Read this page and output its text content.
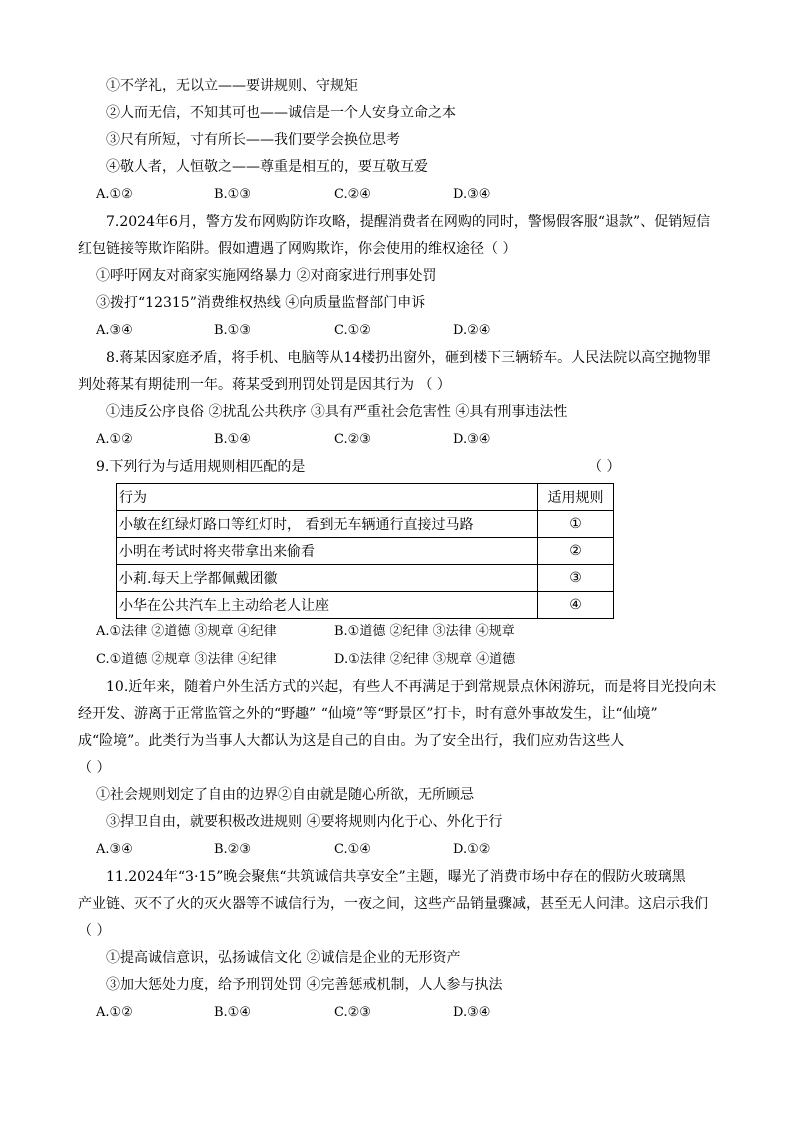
①不学礼，无以立——要讲规则、守规矩
②人而无信，不知其可也——诚信是一个人安身立命之本
③尺有所短，寸有所长——我们要学会换位思考
④敬人者，人恒敬之——尊重是相互的，要互敬互爱
A.①②	B.①③	C.②④	D.③④
7.2024年6月，警方发布网购防诈攻略，提醒消费者在网购的同时，警惕假客服“退款”、促销短信
红包链接等欺诈陷阱。假如遭遇了网购欺诈，你会使用的维权途径（ ）
①呼吁网友对商家实施网络暴力 ②对商家进行刑事处罚
③拨打“12315”消费维权热线 ④向质量监督部门申诉
A.③④	B.①③	C.①②	D.②④
8.蒋某因家庭矛盾，将手机、电脑等从14楼扔出窗外，砸到楼下三辆轿车。人民法院以高空抛物罪
判处蒋某有期徒刑一年。蒋某受到刑罚处罚是因其行为 （ ）
①违反公序良俗 ②扰乱公共秩序 ③具有严重社会危害性 ④具有刑事违法性
A.①②	B.①④	C.②③	D.③④
9.下列行为与适用规则相匹配的是	（ ）
行为	适用规则
小敏在红绿灯路口等红灯时， 看到无车辆通行直接过马路	①
小明在考试时将夹带拿出来偷看	②
小莉.每天上学都佩戴团徽	③
小华在公共汽车上主动给老人让座	④
A.①法律 ②道德 ③规章 ④纪律	B.①道德 ②纪律 ③法律 ④规章
C.①道德 ②规章 ③法律 ④纪律	D.①法律 ②纪律 ③规章 ④道德
10.近年来，随着户外生活方式的兴起，有些人不再满足于到常规景点休闲游玩，而是将目光投向未
经开发、游离于正常监管之外的“野趣” “仙境”等“野景区”打卡，时有意外事故发生，让“仙境”
成“险境”。此类行为当事人大都认为这是自己的自由。为了安全出行，我们应劝告这些人
（ ）
①社会规则划定了自由的边界②自由就是随心所欲，无所顾忌
③捍卫自由，就要积极改进规则 ④要将规则内化于心、外化于行
A.③④	B.②③	C.①④	D.①②
11.2024年“3·15”晚会聚焦“共筑诚信共享安全”主题，曝光了消费市场中存在的假防火玻璃黑
产业链、灭不了火的灭火器等不诚信行为，一夜之间，这些产品销量骤减，甚至无人问津。这启示我们
（ ）
①提高诚信意识，弘扬诚信文化 ②诚信是企业的无形资产
③加大惩处力度，给予刑罚处罚 ④完善惩戒机制，人人参与执法
A.①②	B.①④	C.②③	D.③④
